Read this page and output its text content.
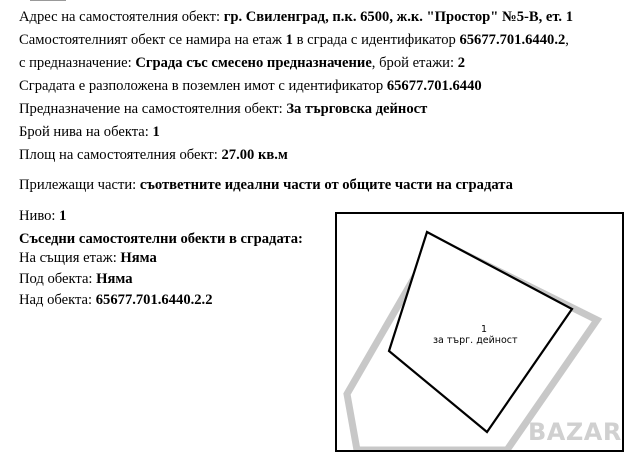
Адрес на самостоятелния обект: гр. Свиленград, п.к. 6500, ж.к. "Простор" №5-В, ет. 1
Самостоятелният обект се намира на етаж 1 в сграда с идентификатор 65677.701.6440.2,
с предназначение: Сграда със смесено предназначение, брой етажи: 2
Сградата е разположена в поземлен имот с идентификатор 65677.701.6440
Предназначение на самостоятелния обект: За търговска дейност
Брой нива на обекта: 1
Площ на самостоятелния обект: 27.00 кв.м
Прилежащи части: съответните идеални части от общите части на сградата
Ниво: 1
Съседни самостоятелни обекти в сградата:
На същия етаж: Няма
Под обекта: Няма
Над обекта: 65677.701.6440.2.2
1
за търг. дейност
BAZAR
